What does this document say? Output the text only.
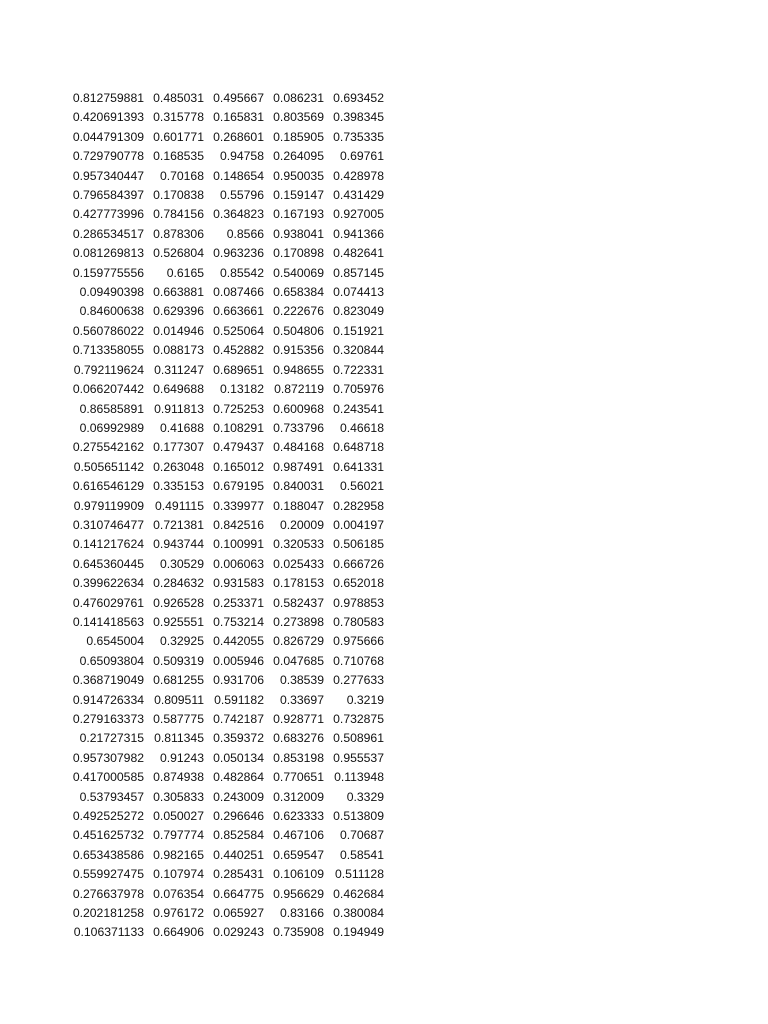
0.812759881	0.485031	0.495667	0.086231	0.693452
0.420691393	0.315778	0.165831	0.803569	0.398345
0.044791309	0.601771	0.268601	0.185905	0.735335
0.729790778	0.168535	0.94758	0.264095	0.69761
0.957340447	0.70168	0.148654	0.950035	0.428978
0.796584397	0.170838	0.55796	0.159147	0.431429
0.427773996	0.784156	0.364823	0.167193	0.927005
0.286534517	0.878306	0.8566	0.938041	0.941366
0.081269813	0.526804	0.963236	0.170898	0.482641
0.159775556	0.6165	0.85542	0.540069	0.857145
0.09490398	0.663881	0.087466	0.658384	0.074413
0.84600638	0.629396	0.663661	0.222676	0.823049
0.560786022	0.014946	0.525064	0.504806	0.151921
0.713358055	0.088173	0.452882	0.915356	0.320844
0.792119624	0.311247	0.689651	0.948655	0.722331
0.066207442	0.649688	0.13182	0.872119	0.705976
0.86585891	0.911813	0.725253	0.600968	0.243541
0.06992989	0.41688	0.108291	0.733796	0.46618
0.275542162	0.177307	0.479437	0.484168	0.648718
0.505651142	0.263048	0.165012	0.987491	0.641331
0.616546129	0.335153	0.679195	0.840031	0.56021
0.979119909	0.491115	0.339977	0.188047	0.282958
0.310746477	0.721381	0.842516	0.20009	0.004197
0.141217624	0.943744	0.100991	0.320533	0.506185
0.645360445	0.30529	0.006063	0.025433	0.666726
0.399622634	0.284632	0.931583	0.178153	0.652018
0.476029761	0.926528	0.253371	0.582437	0.978853
0.141418563	0.925551	0.753214	0.273898	0.780583
0.6545004	0.32925	0.442055	0.826729	0.975666
0.65093804	0.509319	0.005946	0.047685	0.710768
0.368719049	0.681255	0.931706	0.38539	0.277633
0.914726334	0.809511	0.591182	0.33697	0.3219
0.279163373	0.587775	0.742187	0.928771	0.732875
0.21727315	0.811345	0.359372	0.683276	0.508961
0.957307982	0.91243	0.050134	0.853198	0.955537
0.417000585	0.874938	0.482864	0.770651	0.113948
0.53793457	0.305833	0.243009	0.312009	0.3329
0.492525272	0.050027	0.296646	0.623333	0.513809
0.451625732	0.797774	0.852584	0.467106	0.70687
0.653438586	0.982165	0.440251	0.659547	0.58541
0.559927475	0.107974	0.285431	0.106109	0.511128
0.276637978	0.076354	0.664775	0.956629	0.462684
0.202181258	0.976172	0.065927	0.83166	0.380084
0.106371133	0.664906	0.029243	0.735908	0.194949
